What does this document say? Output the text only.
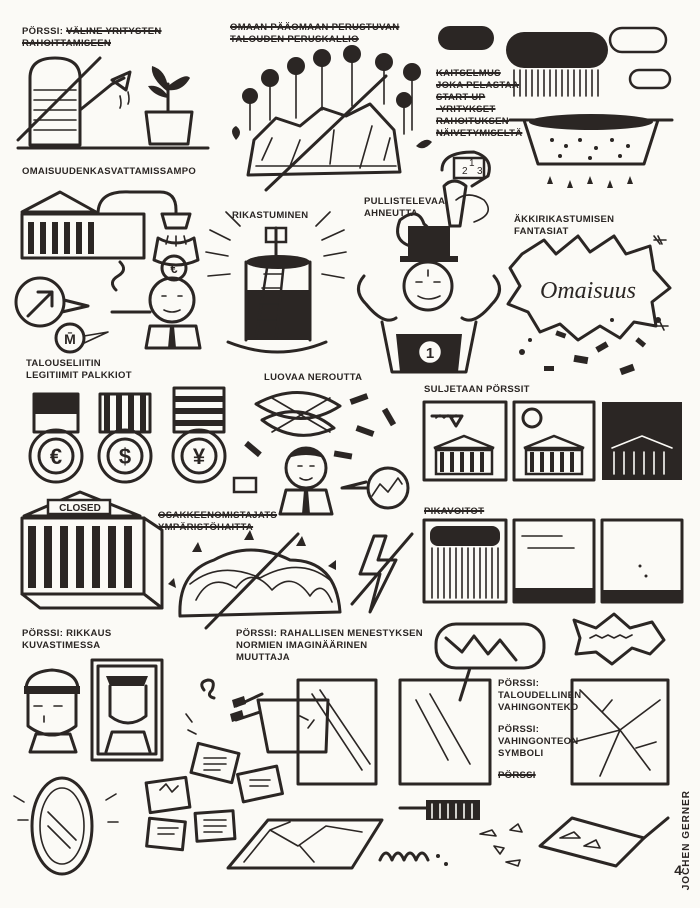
PÖRSSI: VÄLINE YRITYSTEN
RAHOITTAMISEEN
OMAAN PÄÄOMAAN PERUSTUVAN
TALOUDEN PERUSKALLIO
KAITSELMUS
JOKA PELASTAA
START-UP
-YRITYKSET
RAHOITUKSEN
NÄIVETYMISELTÄ
OMAISUUDENKASVATTAMISSAMPO
RIKASTUMINEN
PULLISTELEVAA
AHNEUTTA
ÄKKIRIKASTUMISEN
FANTASIAT
TALOUSELIITIN
LEGITIIMIT PALKKIOT	LUOVAA NEROUTTA
SULJETAAN PÖRSSIT
OSAKKEENOMISTAJATS
YMPÄRISTÖHAITTA
PIKAVOITOT
PÖRSSI: RIKKAUS
KUVASTIMESSA
PÖRSSI: RAHALLISEN MENESTYKSEN
NORMIEN IMAGINÄÄRINEN
MUUTTAJA
PÖRSSI:
TALOUDELLINEN
VAHINGONTEKO
PÖRSSI:
VAHINGONTEON
SYMBOLI
PÖRSSI
JOCHEN GERNER
4
M̄
€
1
2
1
3
Omaisuus
€	$	¥
CLOSED
